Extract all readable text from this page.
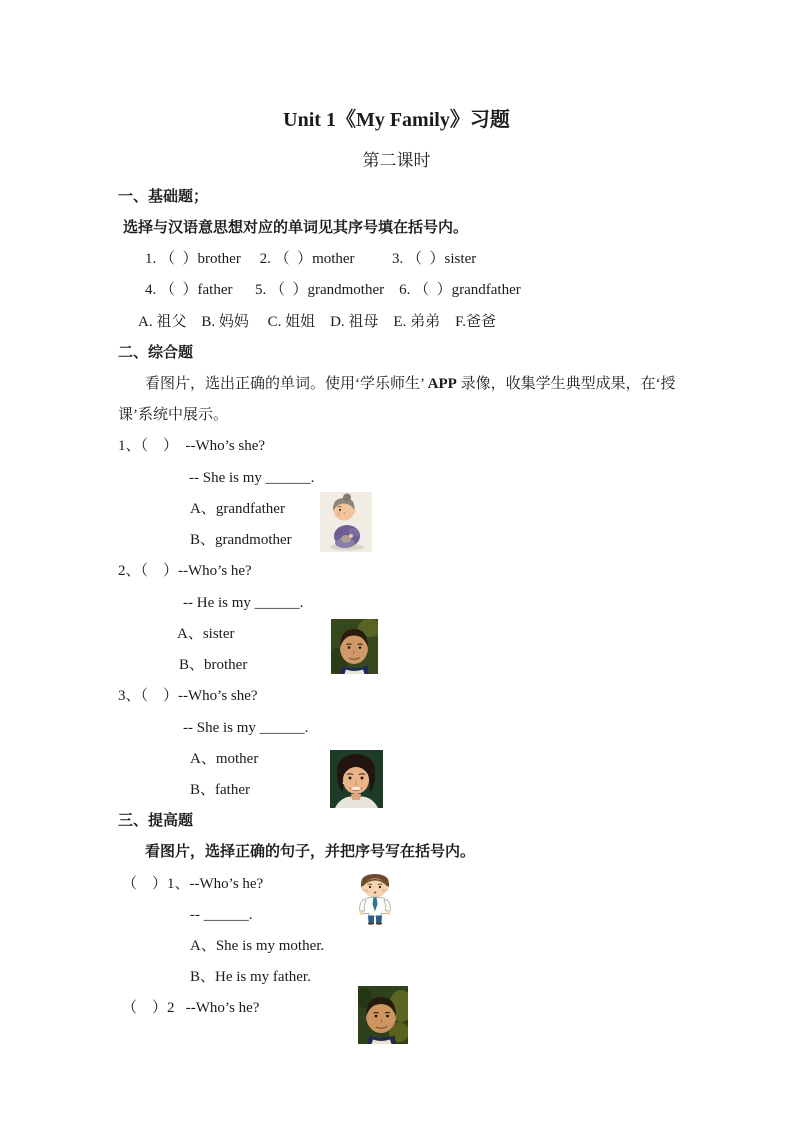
Unit 1《My Family》习题
第二课时
一、基础题；
选择与汉语意思想对应的单词见其序号填在括号内。
1. （  ）brother     2. （  ）mother          3. （  ）sister
4. （  ）father      5. （  ）grandmother    6. （  ）grandfather
A. 祖父    B. 妈妈     C. 姐姐    D. 祖母    E. 弟弟    F.爸爸
二、综合题
看图片，选出正确的单词。使用‘学乐师生’ APP 录像，收集学生典型成果，在‘授
课’系统中展示。
1、（    ）  --Who’s she?
-- She is my ______.
A、grandfather
B、grandmother
2、（    ）--Who’s he?
-- He is my ______.
A、sister
B、brother
3、（    ）--Who’s she?
-- She is my ______.
A、mother
B、father
三、提高题
看图片，选择正确的句子，并把序号写在括号内。
（    ）1、--Who’s he?
-- ______.
A、She is my mother.
B、He is my father.
（    ）2   --Who’s he?
